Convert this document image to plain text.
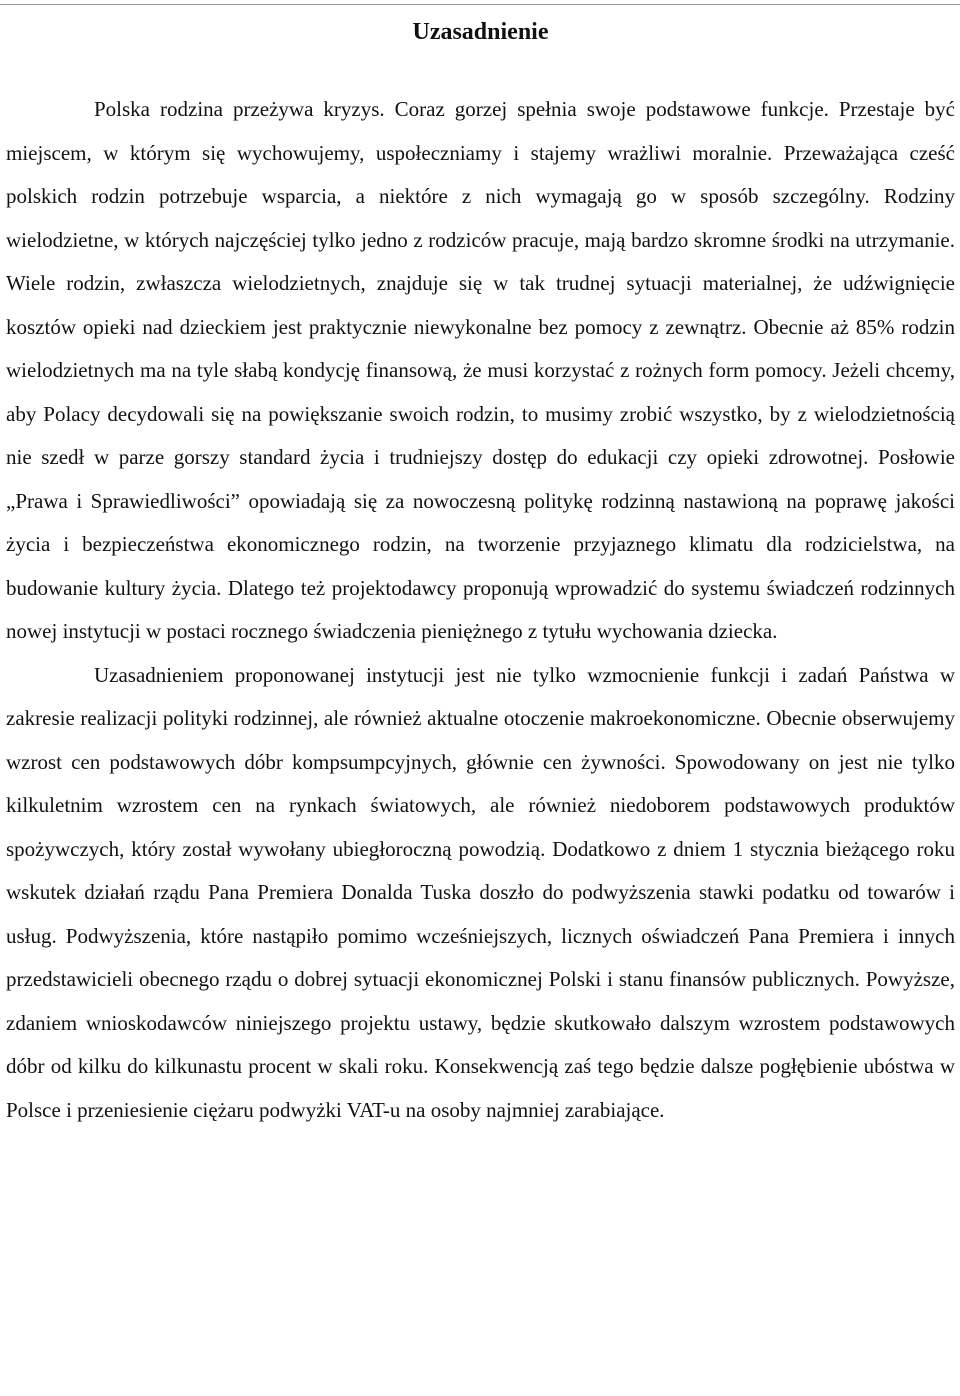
Uzasadnienie

Polska rodzina przeżywa kryzys. Coraz gorzej spełnia swoje podstawowe funkcje. Przestaje być miejscem, w którym się wychowujemy, uspołeczniamy i stajemy wrażliwi moralnie. Przeważająca cześć polskich rodzin potrzebuje wsparcia, a niektóre z nich wymagają go w sposób szczególny. Rodziny wielodzietne, w których najczęściej tylko jedno z rodziców pracuje, mają bardzo skromne środki na utrzymanie. Wiele rodzin, zwłaszcza wielodzietnych, znajduje się w tak trudnej sytuacji materialnej, że udźwignięcie kosztów opieki nad dzieckiem jest praktycznie niewykonalne bez pomocy z zewnątrz. Obecnie aż 85% rodzin wielodzietnych ma na tyle słabą kondycję finansową, że musi korzystać z rożnych form pomocy. Jeżeli chcemy, aby Polacy decydowali się na powiększanie swoich rodzin, to musimy zrobić wszystko, by z wielodzietnością nie szedł w parze gorszy standard życia i trudniejszy dostęp do edukacji czy opieki zdrowotnej. Posłowie „Prawa i Sprawiedliwości” opowiadają się za nowoczesną politykę rodzinną nastawioną na poprawę jakości życia i bezpieczeństwa ekonomicznego rodzin, na tworzenie przyjaznego klimatu dla rodzicielstwa, na budowanie kultury życia. Dlatego też projektodawcy proponują wprowadzić do systemu świadczeń rodzinnych nowej instytucji w postaci rocznego świadczenia pieniężnego z tytułu wychowania dziecka.

Uzasadnieniem proponowanej instytucji jest nie tylko wzmocnienie funkcji i zadań Państwa w zakresie realizacji polityki rodzinnej, ale również aktualne otoczenie makroekonomiczne. Obecnie obserwujemy wzrost cen podstawowych dóbr kompsumpcyjnych, głównie cen żywności. Spowodowany on jest nie tylko kilkuletnim wzrostem cen na rynkach światowych, ale również niedoborem podstawowych produktów spożywczych, który został wywołany ubiegłoroczną powodzią. Dodatkowo z dniem 1 stycznia bieżącego roku wskutek działań rządu Pana Premiera Donalda Tuska doszło do podwyższenia stawki podatku od towarów i usług. Podwyższenia, które nastąpiło pomimo wcześniejszych, licznych oświadczeń Pana Premiera i innych przedstawicieli obecnego rządu o dobrej sytuacji ekonomicznej Polski i stanu finansów publicznych. Powyższe, zdaniem wnioskodawców niniejszego projektu ustawy, będzie skutkowało dalszym wzrostem podstawowych dóbr od kilku do kilkunastu procent w skali roku. Konsekwencją zaś tego będzie dalsze pogłębienie ubóstwa w Polsce i przeniesienie ciężaru podwyżki VAT-u na osoby najmniej zarabiające.
